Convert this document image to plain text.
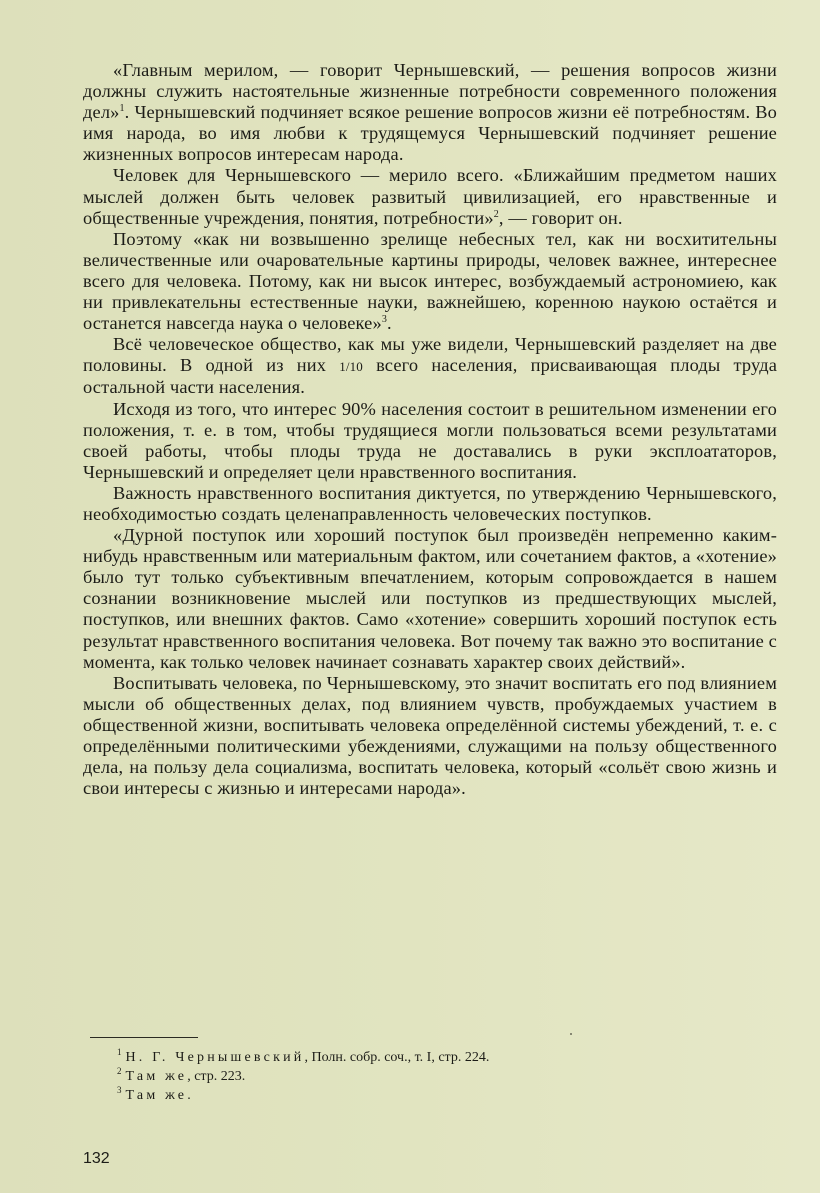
«Главным мерилом, — говорит Чернышевский, — решения вопросов жизни должны служить настоятельные жизненные потребности современного положения дел»$^1$. Чернышевский подчиняет всякое решение вопросов жизни её потребностям. Во имя народа, во имя любви к трудящемуся Чернышевский подчиняет решение жизненных вопросов интересам народа.

Человек для Чернышевского — мерило всего. «Ближайшим предметом наших мыслей должен быть человек развитый цивилизацией, его нравственные и общественные учреждения, понятия, потребности»$^2$, — говорит он.

Поэтому «как ни возвышенно зрелище небесных тел, как ни восхитительны величественные или очаровательные картины природы, человек важнее, интереснее всего для человека. Потому, как ни высок интерес, возбуждаемый астрономиею, как ни привлекательны естественные науки, важнейшею, коренною наукою остаётся и останется навсегда наука о человеке»$^3$.

Всё человеческое общество, как мы уже видели, Чернышевский разделяет на две половины. В одной из них 1/10 всего населения, присваивающая плоды труда остальной части населения.

Исходя из того, что интерес 90% населения состоит в решительном изменении его положения, т. е. в том, чтобы трудящиеся могли пользоваться всеми результатами своей работы, чтобы плоды труда не доставались в руки эксплоататоров, Чернышевский и определяет цели нравственного воспитания.

Важность нравственного воспитания диктуется, по утверждению Чернышевского, необходимостью создать целенаправленность человеческих поступков.

«Дурной поступок или хороший поступок был произведён непременно каким-нибудь нравственным или материальным фактом, или сочетанием фактов, а «хотение» было тут только субъективным впечатлением, которым сопровождается в нашем сознании возникновение мыслей или поступков из предшествующих мыслей, поступков, или внешних фактов. Само «хотение» совершить хороший поступок есть результат нравственного воспитания человека. Вот почему так важно это воспитание с момента, как только человек начинает сознавать характер своих действий».

Воспитывать человека, по Чернышевскому, это значит воспитать его под влиянием мысли об общественных делах, под влиянием чувств, пробуждаемых участием в общественной жизни, воспитывать человека определённой системы убеждений, т. е. с определёнными политическими убеждениями, служащими на пользу общественного дела, на пользу дела социализма, воспитать человека, который «сольёт свою жизнь и свои интересы с жизнью и интересами народа».

$^1$ Н. Г. Чернышевский, Полн. собр. соч., т. I, стр. 224.

$^2$ Там же, стр. 223.

$^3$ Там же.

132
